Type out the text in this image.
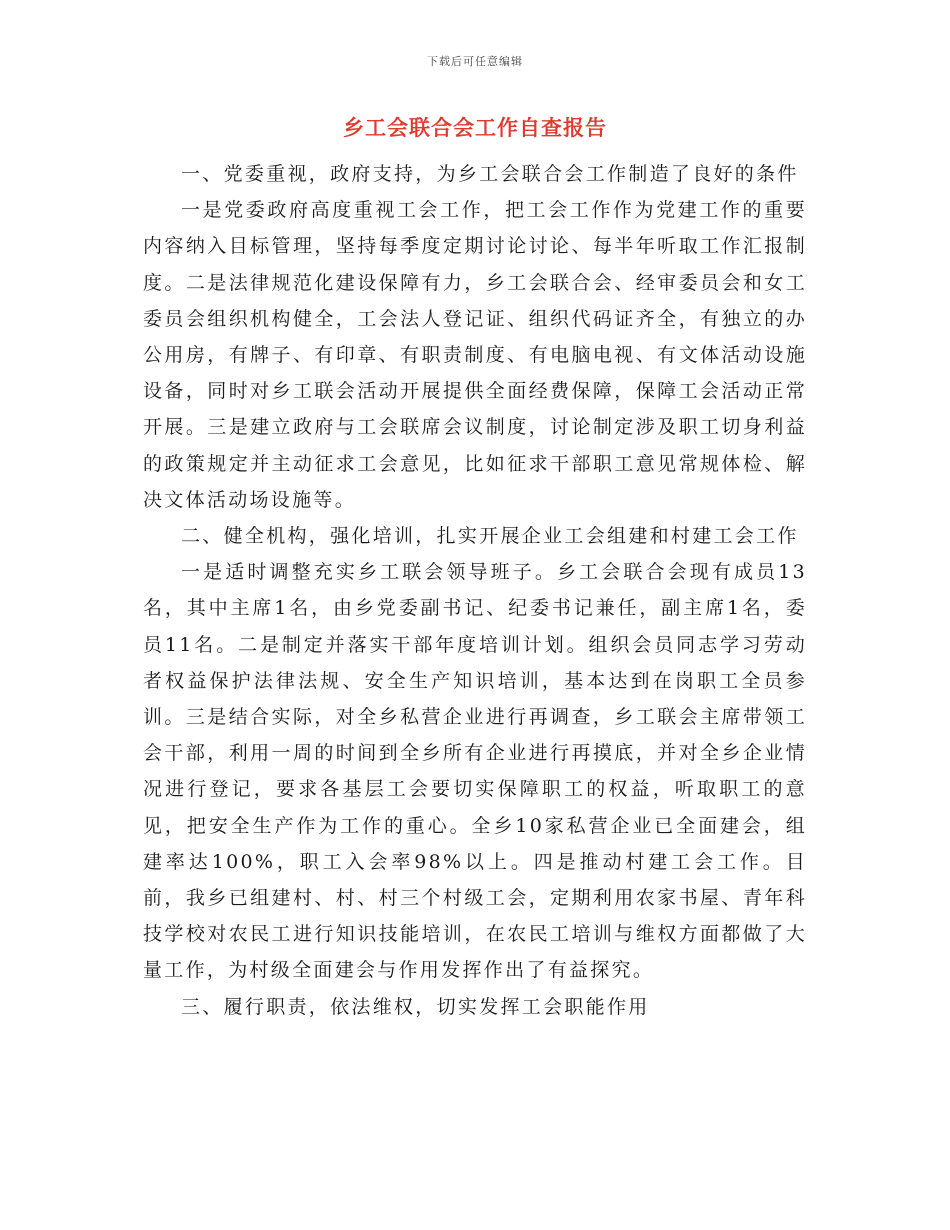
下载后可任意编辑
乡工会联合会工作自查报告

一、党委重视，政府支持，为乡工会联合会工作制造了良好的条件

一是党委政府高度重视工会工作，把工会工作作为党建工作的重要内容纳入目标管理，坚持每季度定期讨论讨论、每半年听取工作汇报制度。二是法律规范化建设保障有力，乡工会联合会、经审委员会和女工委员会组织机构健全，工会法人登记证、组织代码证齐全，有独立的办公用房，有牌子、有印章、有职责制度、有电脑电视、有文体活动设施设备，同时对乡工联会活动开展提供全面经费保障，保障工会活动正常开展。三是建立政府与工会联席会议制度，讨论制定涉及职工切身利益的政策规定并主动征求工会意见，比如征求干部职工意见常规体检、解决文体活动场设施等。

二、健全机构，强化培训，扎实开展企业工会组建和村建工会工作

一是适时调整充实乡工联会领导班子。乡工会联合会现有成员13名，其中主席1名，由乡党委副书记、纪委书记兼任，副主席1名，委员11名。二是制定并落实干部年度培训计划。组织会员同志学习劳动者权益保护法律法规、安全生产知识培训，基本达到在岗职工全员参训。三是结合实际，对全乡私营企业进行再调查，乡工联会主席带领工会干部，利用一周的时间到全乡所有企业进行再摸底，并对全乡企业情况进行登记，要求各基层工会要切实保障职工的权益，听取职工的意见，把安全生产作为工作的重心。全乡10家私营企业已全面建会，组建率达100%，职工入会率98%以上。四是推动村建工会工作。目前，我乡已组建村、村、村三个村级工会，定期利用农家书屋、青年科技学校对农民工进行知识技能培训，在农民工培训与维权方面都做了大量工作，为村级全面建会与作用发挥作出了有益探究。

三、履行职责，依法维权，切实发挥工会职能作用
